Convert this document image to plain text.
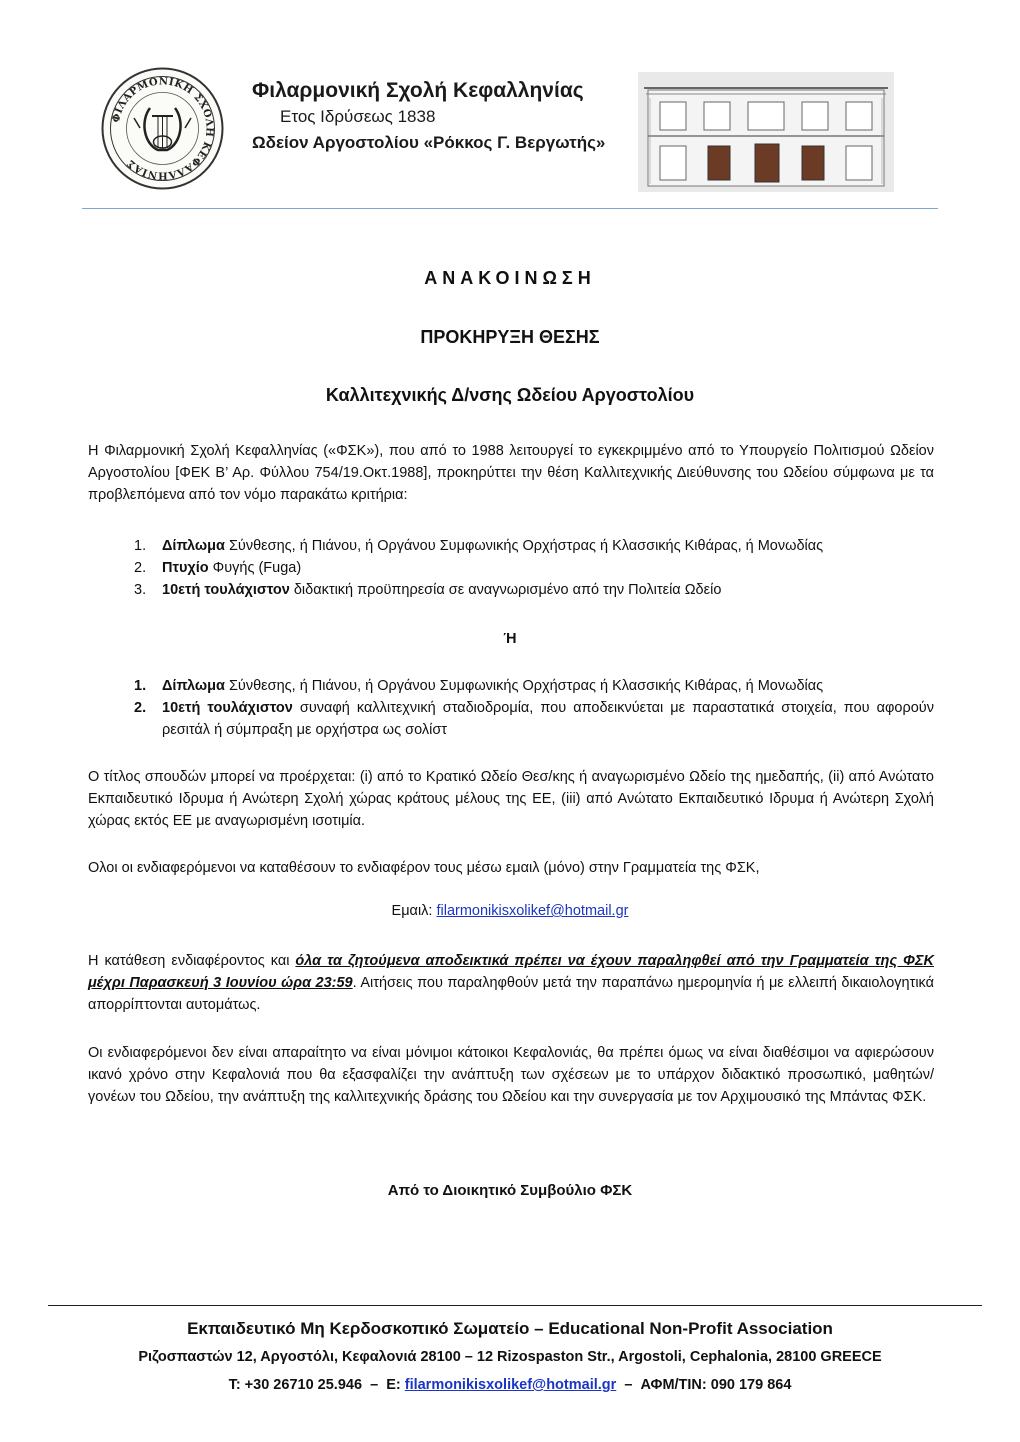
ΦΙΛΑΡΜΟΝΙΚΗ ΣΧΟΛΗ ΚΕΦΑΛΛΗΝΙΑΣ
Φιλαρμονική Σχολή Κεφαλληνίας
Ετος Ιδρύσεως 1838
Ωδείον Αργοστολίου «Ρόκκος Γ. Βεργωτής»
ΑΝΑΚΟΙΝΩΣΗ
ΠΡΟΚΗΡΥΞΗ ΘΕΣΗΣ
Καλλιτεχνικής Δ/νσης Ωδείου Αργοστολίου
Η Φιλαρμονική Σχολή Κεφαλληνίας («ΦΣΚ»), που από το 1988 λειτουργεί το εγκεκριμμένο από το Υπουργείο Πολιτισμού Ωδείον Αργοστολίου [ΦΕΚ Β’ Αρ. Φύλλου 754/19.Οκτ.1988], προκηρύττει την θέση Καλλιτεχνικής Διεύθυνσης του Ωδείου σύμφωνα με τα προβλεπόμενα από τον νόμο παρακάτω κριτήρια:
1.	Δίπλωμα Σύνθεσης, ή Πιάνου, ή Οργάνου Συμφωνικής Ορχήστρας ή Κλασσικής Κιθάρας, ή Μονωδίας
2.	Πτυχίο Φυγής (Fuga)
3.	10ετή τουλάχιστον διδακτική προϋπηρεσία σε αναγνωρισμένο από την Πολιτεία Ωδείο
Ή
1.	Δίπλωμα Σύνθεσης, ή Πιάνου, ή Οργάνου Συμφωνικής Ορχήστρας ή Κλασσικής Κιθάρας, ή Μονωδίας
2.	10ετή τουλάχιστον συναφή καλλιτεχνική σταδιοδρομία, που αποδεικνύεται με παραστατικά στοιχεία, που αφορούν ρεσιτάλ ή σύμπραξη με ορχήστρα ως σολίστ
Ο τίτλος σπουδών μπορεί να προέρχεται: (i) από το Κρατικό Ωδείο Θεσ/κης ή αναγωρισμένο Ωδείο της ημεδαπής, (ii) από Ανώτατο Εκπαιδευτικό Ιδρυμα ή Ανώτερη Σχολή χώρας κράτους μέλους της ΕΕ, (iii) από Ανώτατο Εκπαιδευτικό Ιδρυμα ή Ανώτερη Σχολή χώρας εκτός ΕΕ με αναγωρισμένη ισοτιμία.
Ολοι οι ενδιαφερόμενοι να καταθέσουν το ενδιαφέρον τους μέσω εμαιλ (μόνο) στην Γραμματεία της ΦΣΚ,
Εμαιλ: filarmonikisxolikef@hotmail.gr
Η κατάθεση ενδιαφέροντος και όλα τα ζητούμενα αποδεικτικά πρέπει να έχουν παραληφθεί από την Γραμματεία της ΦΣΚ μέχρι Παρασκευή 3 Ιουνίου ώρα 23:59. Αιτήσεις που παραληφθούν μετά την παραπάνω ημερομηνία ή με ελλειπή δικαιολογητικά απορρίπτονται αυτομάτως.
Οι ενδιαφερόμενοι δεν είναι απαραίτητο να είναι μόνιμοι κάτοικοι Κεφαλονιάς, θα πρέπει όμως να είναι διαθέσιμοι να αφιερώσουν ικανό χρόνο στην Κεφαλονιά που θα εξασφαλίζει την ανάπτυξη των σχέσεων με το υπάρχον διδακτικό προσωπικό, μαθητών/γονέων του Ωδείου, την ανάπτυξη της καλλιτεχνικής δράσης του Ωδείου και την συνεργασία με τον Αρχιμουσικό της Μπάντας ΦΣΚ.
Από το Διοικητικό Συμβούλιο ΦΣΚ
Εκπαιδευτικό Μη Κερδοσκοπικό Σωματείο – Educational Non-Profit Association
Ριζοσπαστών 12, Αργοστόλι, Κεφαλονιά 28100 – 12 Rizospaston Str., Argostoli, Cephalonia, 28100 GREECE
T: +30 26710 25.946  –  E: filarmonikisxolikef@hotmail.gr  –  ΑΦΜ/TIN: 090 179 864
